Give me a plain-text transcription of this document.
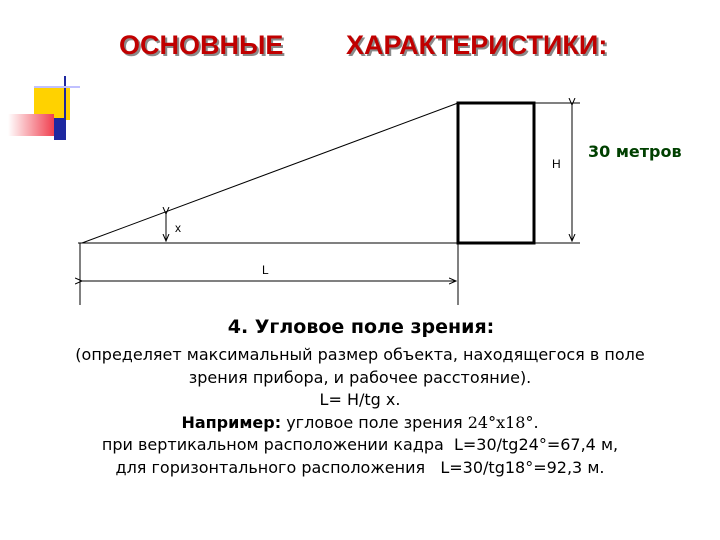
ОСНОВНЫЕ ХАРАКТЕРИСТИКИ:
x
H
L
30 метров
4. Угловое поле зрения:
(определяет максимальный размер объекта, находящегося в поле
зрения прибора, и рабочее расстояние).
L= H/tg x.
Например: угловое поле зрения 24°х18°.
при вертикальном расположении кадра  L=30/tg24°=67,4 м,
для горизонтального расположения   L=30/tg18°=92,3 м.
